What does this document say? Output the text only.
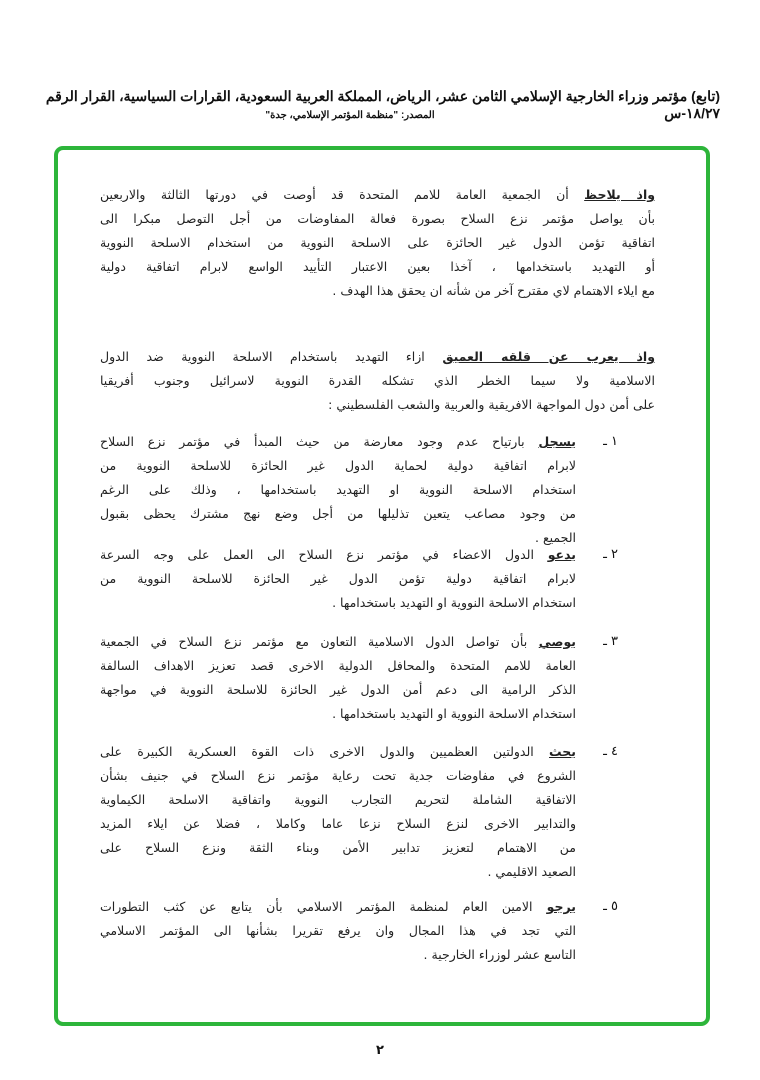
(تابع) مؤتمر وزراء الخارجية الإسلامي الثامن عشر، الرياض، المملكة العربية السعودية، القرارات السياسية، القرار الرقم ١٨/٢٧-س
المصدر: "منظمة المؤتمر الإسلامي، جدة"
واذ يلاحظ أن الجمعية العامة للامم المتحدة قد أوصت في دورتها الثالثة والاربعين
بأن يواصل مؤتمر نزع السلاح بصورة فعالة المفاوضات من أجل التوصل مبكرا الى
اتفاقية تؤمن الدول غير الحائزة على الاسلحة النووية من استخدام الاسلحة النووية
أو التهديد باستخدامها ، آخذا بعين الاعتبار التأييد الواسع لابرام اتفاقية دولية
مع ايلاء الاهتمام لاي مقترح آخر من شأنه ان يحقق هذا الهدف .
واذ يعرب عن قلقه العميق ازاء التهديد باستخدام الاسلحة النووية ضد الدول
الاسلامية ولا سيما الخطر الذي تشكله القدرة النووية لاسرائيل وجنوب أفريقيا
على أمن دول المواجهة الافريقية والعربية والشعب الفلسطيني :
يسجل بارتياح عدم وجود معارضة من حيث المبدأ في مؤتمر نزع السلاح
لابرام اتفاقية دولية لحماية الدول غير الحائزة للاسلحة النووية من
استخدام الاسلحة النووية او التهديد باستخدامها ، وذلك على الرغم
من وجود مصاعب يتعين تذليلها من أجل وضع نهج مشترك يحظى بقبول
الجميع .
١ ـ
يدعو الدول الاعضاء في مؤتمر نزع السلاح الى العمل على وجه السرعة
لابرام اتفاقية دولية تؤمن الدول غير الحائزة للاسلحة النووية من
استخدام الاسلحة النووية او التهديد باستخدامها .
٢ ـ
يوصي بأن تواصل الدول الاسلامية التعاون مع مؤتمر نزع السلاح في الجمعية
العامة للامم المتحدة والمحافل الدولية الاخرى قصد تعزيز الاهداف السالفة
الذكر الرامية الى دعم أمن الدول غير الحائزة للاسلحة النووية في مواجهة
استخدام الاسلحة النووية او التهديد باستخدامها .
٣ ـ
يحث الدولتين العظميين والدول الاخرى ذات القوة العسكرية الكبيرة على
الشروع في مفاوضات جدية تحت رعاية مؤتمر نزع السلاح في جنيف بشأن
الاتفاقية الشاملة لتحريم التجارب النووية واتفاقية الاسلحة الكيماوية
والتدابير الاخرى لنزع السلاح نزعا عاما وكاملا ، فضلا عن ايلاء المزيد
من الاهتمام لتعزيز تدابير الأمن وبناء الثقة ونزع السلاح على
الصعيد الاقليمي .
٤ ـ
يرجو الامين العام لمنظمة المؤتمر الاسلامي بأن يتابع عن كثب التطورات
التي تجد في هذا المجال وان يرفع تقريرا بشأنها الى المؤتمر الاسلامي
التاسع عشر لوزراء الخارجية .
٥ ـ
٢
